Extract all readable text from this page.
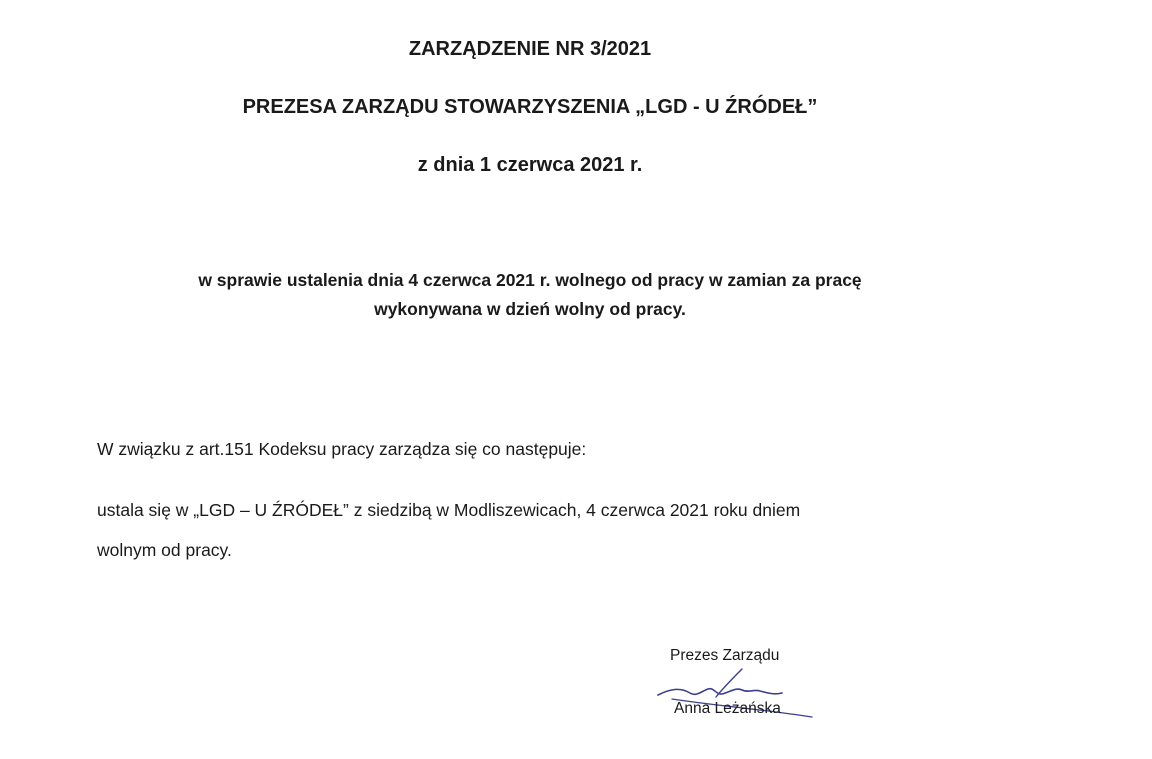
ZARZĄDZENIE NR 3/2021

PREZESA ZARZĄDU STOWARZYSZENIA „LGD - U ŹRÓDEŁ”

z dnia 1 czerwca 2021 r.

w sprawie ustalenia dnia 4 czerwca 2021 r. wolnego od pracy w zamian za pracę

wykonywana w dzień wolny od pracy.

W związku z art.151 Kodeksu pracy zarządza się co następuje:

ustala się w „LGD – U ŹRÓDEŁ” z siedzibą w Modliszewicach, 4 czerwca 2021 roku dniem

wolnym od pracy.

Prezes Zarządu

Anna Leżańska
